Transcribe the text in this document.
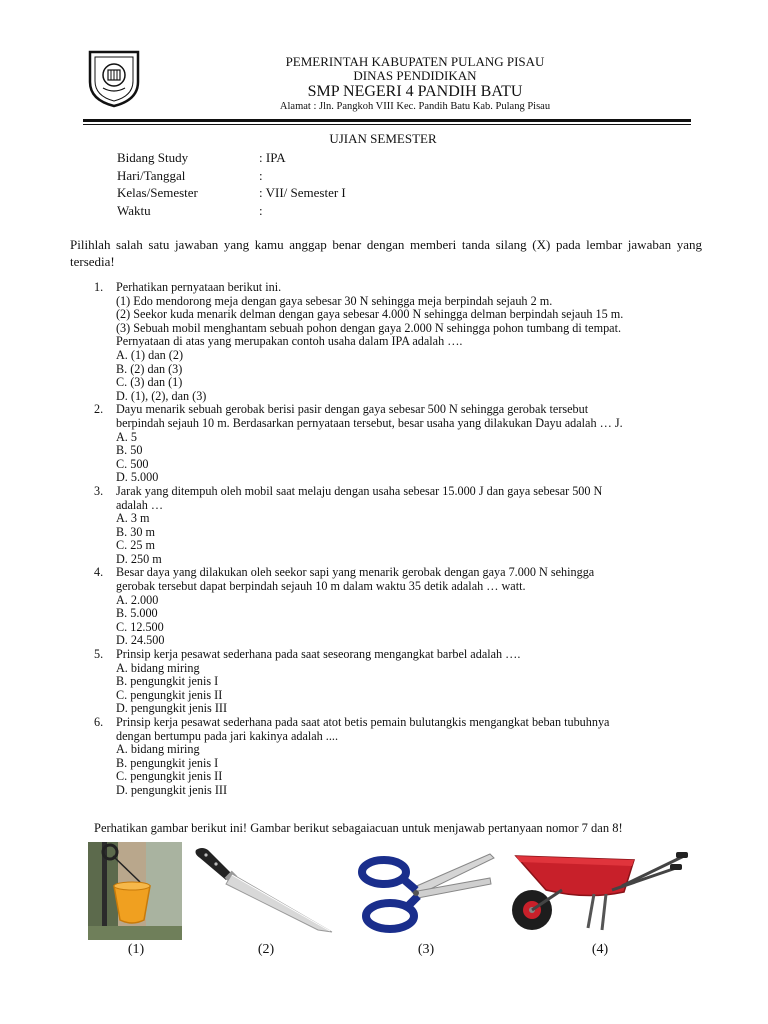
PEMERINTAH KABUPATEN PULANG PISAU
DINAS PENDIDIKAN
SMP NEGERI 4 PANDIH BATU
Alamat : Jln. Pangkoh VIII Kec. Pandih Batu Kab. Pulang Pisau
UJIAN SEMESTER
Bidang Study	: IPA
Hari/Tanggal	:
Kelas/Semester	: VII/ Semester I
Waktu	:
Pilihlah salah satu jawaban yang kamu anggap benar dengan memberi tanda silang (X) pada lembar jawaban yang tersedia!
1. Perhatikan pernyataan berikut ini.
(1) Edo mendorong meja dengan gaya sebesar 30 N sehingga meja berpindah sejauh 2 m.
(2) Seekor kuda menarik delman dengan gaya sebesar 4.000 N sehingga delman berpindah sejauh 15 m.
(3) Sebuah mobil menghantam sebuah pohon dengan gaya 2.000 N sehingga pohon tumbang di tempat.
Pernyataan di atas yang merupakan contoh usaha dalam IPA adalah ….
A. (1) dan (2)
B. (2) dan (3)
C. (3) dan (1)
D. (1), (2), dan (3)
2. Dayu menarik sebuah gerobak berisi pasir dengan gaya sebesar 500 N sehingga gerobak tersebut
berpindah sejauh 10 m. Berdasarkan pernyataan tersebut, besar usaha yang dilakukan Dayu adalah … J.
A. 5
B. 50
C. 500
D. 5.000
3. Jarak yang ditempuh oleh mobil saat melaju dengan usaha sebesar 15.000 J dan gaya sebesar 500 N
adalah …
A. 3 m
B. 30 m
C. 25 m
D. 250 m
4. Besar daya yang dilakukan oleh seekor sapi yang menarik gerobak dengan gaya 7.000 N sehingga
gerobak tersebut dapat berpindah sejauh 10 m dalam waktu 35 detik adalah … watt.
A. 2.000
B. 5.000
C. 12.500
D. 24.500
5. Prinsip kerja pesawat sederhana pada saat seseorang mengangkat barbel adalah ….
A. bidang miring
B. pengungkit jenis I
C. pengungkit jenis II
D. pengungkit jenis III
6. Prinsip kerja pesawat sederhana pada saat atot betis pemain bulutangkis mengangkat beban tubuhnya
dengan bertumpu pada jari kakinya adalah ....
A. bidang miring
B. pengungkit jenis I
C. pengungkit jenis II
D. pengungkit jenis III
Perhatikan gambar berikut ini! Gambar berikut sebagaiacuan untuk menjawab pertanyaan nomor 7 dan 8!
(1)	(2)	(3)	(4)
